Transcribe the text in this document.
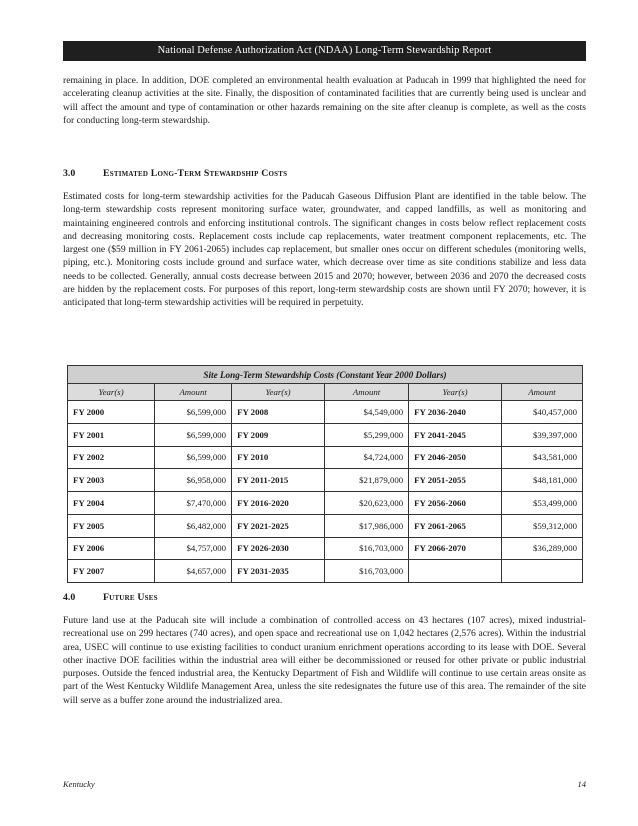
National Defense Authorization Act (NDAA) Long-Term Stewardship Report

remaining in place. In addition, DOE completed an environmental health evaluation at Paducah in 1999 that highlighted the need for accelerating cleanup activities at the site. Finally, the disposition of contaminated facilities that are currently being used is unclear and will affect the amount and type of contamination or other hazards remaining on the site after cleanup is complete, as well as the costs for conducting long-term stewardship.

3.0	Estimated Long-Term Stewardship Costs

Estimated costs for long-term stewardship activities for the Paducah Gaseous Diffusion Plant are identified in the table below. The long-term stewardship costs represent monitoring surface water, groundwater, and capped landfills, as well as monitoring and maintaining engineered controls and enforcing institutional controls. The significant changes in costs below reflect replacement costs and decreasing monitoring costs. Replacement costs include cap replacements, water treatment component replacements, etc. The largest one ($59 million in FY 2061-2065) includes cap replacement, but smaller ones occur on different schedules (monitoring wells, piping, etc.). Monitoring costs include ground and surface water, which decrease over time as site conditions stabilize and less data needs to be collected. Generally, annual costs decrease between 2015 and 2070; however, between 2036 and 2070 the decreased costs are hidden by the replacement costs. For purposes of this report, long-term stewardship costs are shown until FY 2070; however, it is anticipated that long-term stewardship activities will be required in perpetuity.

Site Long-Term Stewardship Costs (Constant Year 2000 Dollars)					
Year(s)	Amount	Year(s)	Amount	Year(s)	Amount
FY 2000	$6,599,000	FY 2008	$4,549,000	FY 2036-2040	$40,457,000
FY 2001	$6,599,000	FY 2009	$5,299,000	FY 2041-2045	$39,397,000
FY 2002	$6,599,000	FY 2010	$4,724,000	FY 2046-2050	$43,581,000
FY 2003	$6,958,000	FY 2011-2015	$21,879,000	FY 2051-2055	$48,181,000
FY 2004	$7,470,000	FY 2016-2020	$20,623,000	FY 2056-2060	$53,499,000
FY 2005	$6,482,000	FY 2021-2025	$17,986,000	FY 2061-2065	$59,312,000
FY 2006	$4,757,000	FY 2026-2030	$16,703,000	FY 2066-2070	$36,289,000
FY 2007	$4,657,000	FY 2031-2035	$16,703,000		
4.0	Future Uses

Future land use at the Paducah site will include a combination of controlled access on 43 hectares (107 acres), mixed industrial-recreational use on 299 hectares (740 acres), and open space and recreational use on 1,042 hectares (2,576 acres). Within the industrial area, USEC will continue to use existing facilities to conduct uranium enrichment operations according to its lease with DOE. Several other inactive DOE facilities within the industrial area will either be decommissioned or reused for other private or public industrial purposes. Outside the fenced industrial area, the Kentucky Department of Fish and Wildlife will continue to use certain areas onsite as part of the West Kentucky Wildlife Management Area, unless the site redesignates the future use of this area. The remainder of the site will serve as a buffer zone around the industrialized area.

Kentucky	14
